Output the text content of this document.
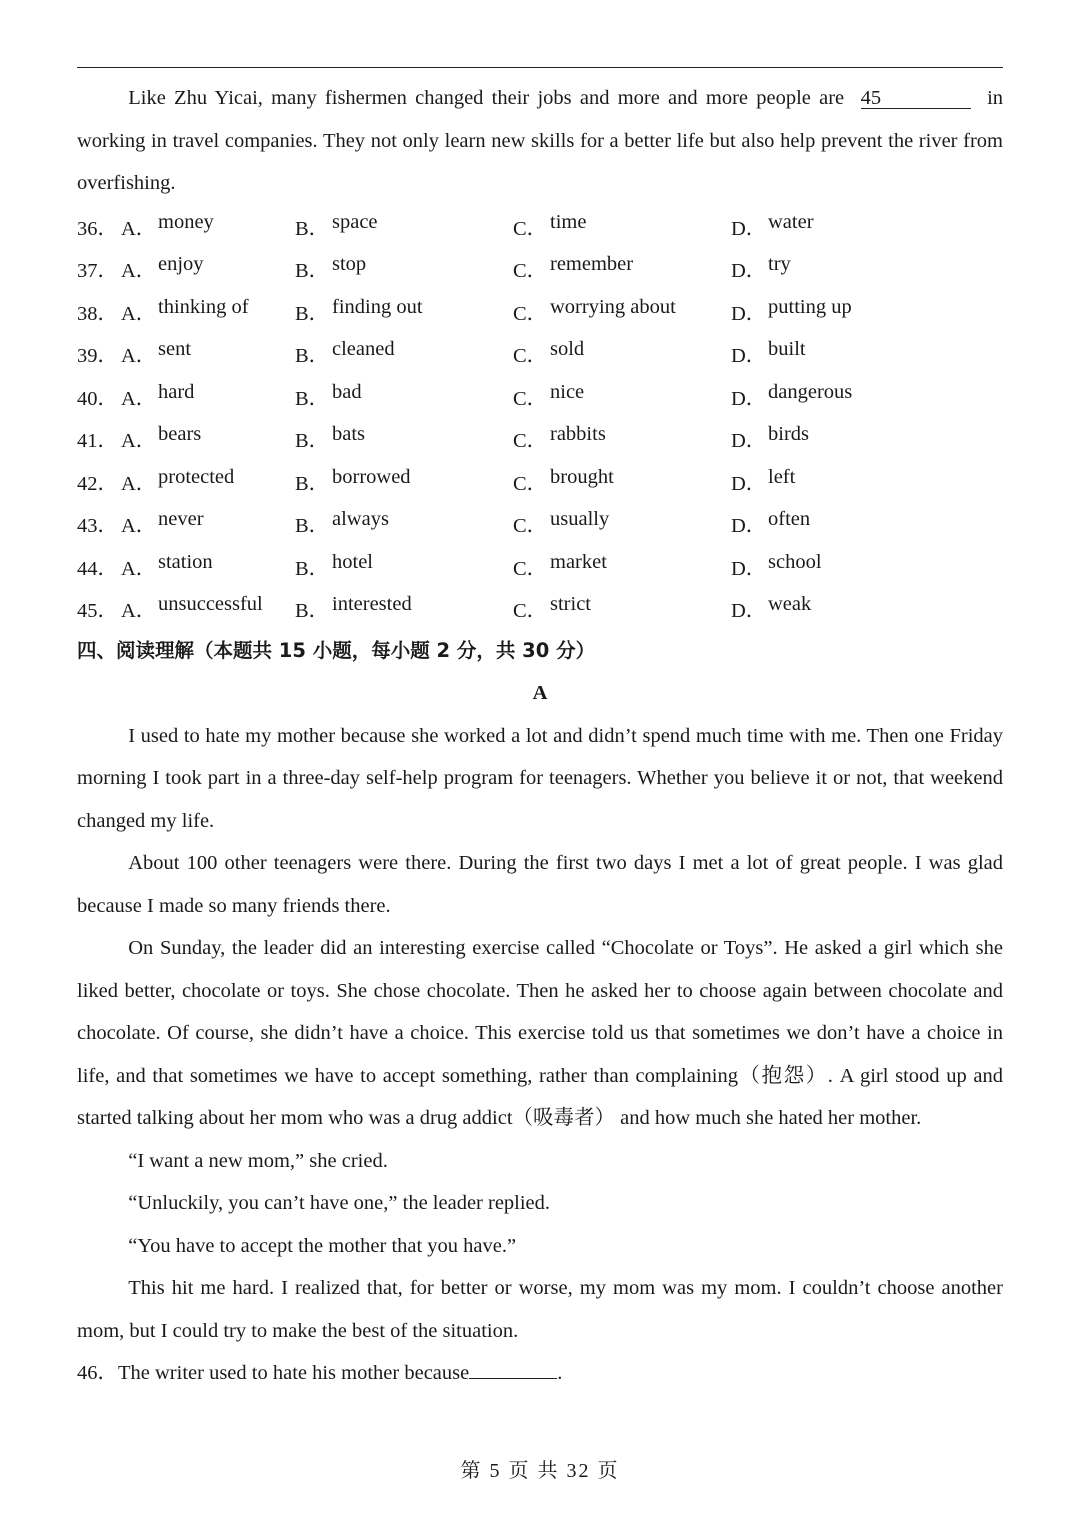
Like Zhu Yicai, many fishermen changed their jobs and more and more people are 45	in working in travel companies. They not only learn new skills for a better life but also help prevent the river from overfishing.

36． A． money	B． space	C． time	D． water
37． A． enjoy	B． stop	C． remember	D． try
38． A． thinking of B． finding out	C． worrying about	D． putting up
39． A． sent	B． cleaned	C． sold	D． built
40． A． hard	B． bad	C． nice	D． dangerous
41． A． bears	B． bats	C． rabbits	D． birds
42． A． protected	B． borrowed	C． brought	D． left
43． A． never	B． always	C． usually	D． often
44． A． station	B． hotel	C． market	D． school
45． A． unsuccessful B． interested	C． strict	D． weak
四、阅读理解（本题共 15 小题，每小题 2 分，共 30 分）
A

I used to hate my mother because she worked a lot and didn’t spend much time with me. Then one Friday morning I took part in a three-day self-help program for teenagers. Whether you believe it or not, that weekend changed my life.

About 100 other teenagers were there. During the first two days I met a lot of great people. I was glad because I made so many friends there.

On Sunday, the leader did an interesting exercise called “Chocolate or Toys”. He asked a girl which she liked better, chocolate or toys. She chose chocolate. Then he asked her to choose again between chocolate and chocolate. Of course, she didn’t have a choice. This exercise told us that sometimes we don’t have a choice in life, and that sometimes we have to accept something, rather than complaining（抱怨）. A girl stood up and started talking about her mom who was a drug addict（吸毒者） and how much she hated her mother.

“I want a new mom,” she cried.

“Unluckily, you can’t have one,” the leader replied.

“You have to accept the mother that you have.”

This hit me hard. I realized that, for better or worse, my mom was my mom. I couldn’t choose another mom, but I could try to make the best of the situation.

46．The writer used to hate his mother because	.

第 5 页 共 32 页
